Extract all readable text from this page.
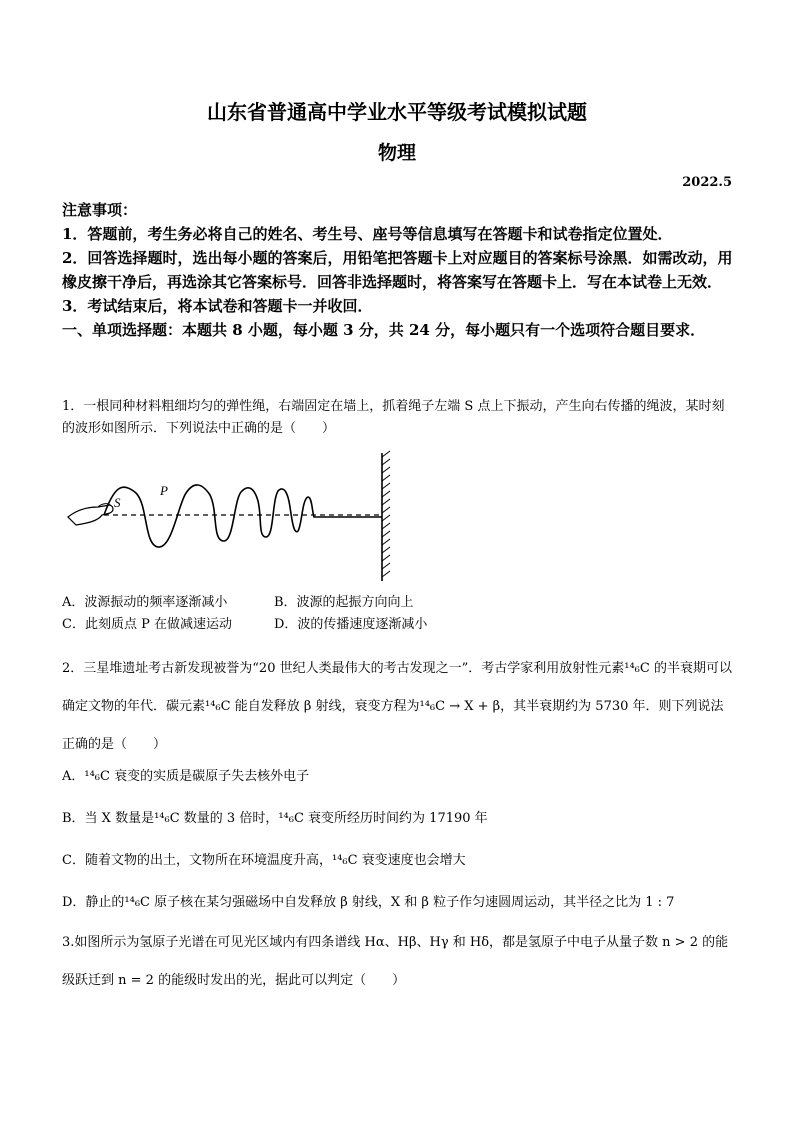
山东省普通高中学业水平等级考试模拟试题
物理
2022.5

注意事项：

1．答题前，考生务必将自己的姓名、考生号、座号等信息填写在答题卡和试卷指定位置处．

2．回答选择题时，选出每小题的答案后，用铅笔把答题卡上对应题目的答案标号涂黑．如需改动，用橡皮擦干净后，再选涂其它答案标号．回答非选择题时，将答案写在答题卡上．写在本试卷上无效．

3．考试结束后，将本试卷和答题卡一并收回．

一、单项选择题：本题共 8 小题，每小题 3 分，共 24 分，每小题只有一个选项符合题目要求．

1．一根同种材料粗细均匀的弹性绳，右端固定在墙上，抓着绳子左端 S 点上下振动，产生向右传播的绳波，某时刻的波形如图所示．下列说法中正确的是（　　）

S
P
A．波源振动的频率逐渐减小	B．波源的起振方向向上
C．此刻质点 P 在做减速运动	D．波的传播速度逐渐减小

2．三星堆遗址考古新发现被誉为“20 世纪人类最伟大的考古发现之一”．考古学家利用放射性元素¹⁴₆C 的半衰期可以确定文物的年代．碳元素¹⁴₆C 能自发释放 β 射线，衰变方程为¹⁴₆C → X + β，其半衰期约为 5730 年．则下列说法正确的是（　　）

A．¹⁴₆C 衰变的实质是碳原子失去核外电子

B．当 X 数量是¹⁴₆C 数量的 3 倍时，¹⁴₆C 衰变所经历时间约为 17190 年

C．随着文物的出土，文物所在环境温度升高，¹⁴₆C 衰变速度也会增大

D．静止的¹⁴₆C 原子核在某匀强磁场中自发释放 β 射线，X 和 β 粒子作匀速圆周运动，其半径之比为 1 : 7

3.如图所示为氢原子光谱在可见光区域内有四条谱线 Hα、Hβ、Hγ 和 Hδ，都是氢原子中电子从量子数 n > 2 的能级跃迁到 n = 2 的能级时发出的光，据此可以判定（　　）
